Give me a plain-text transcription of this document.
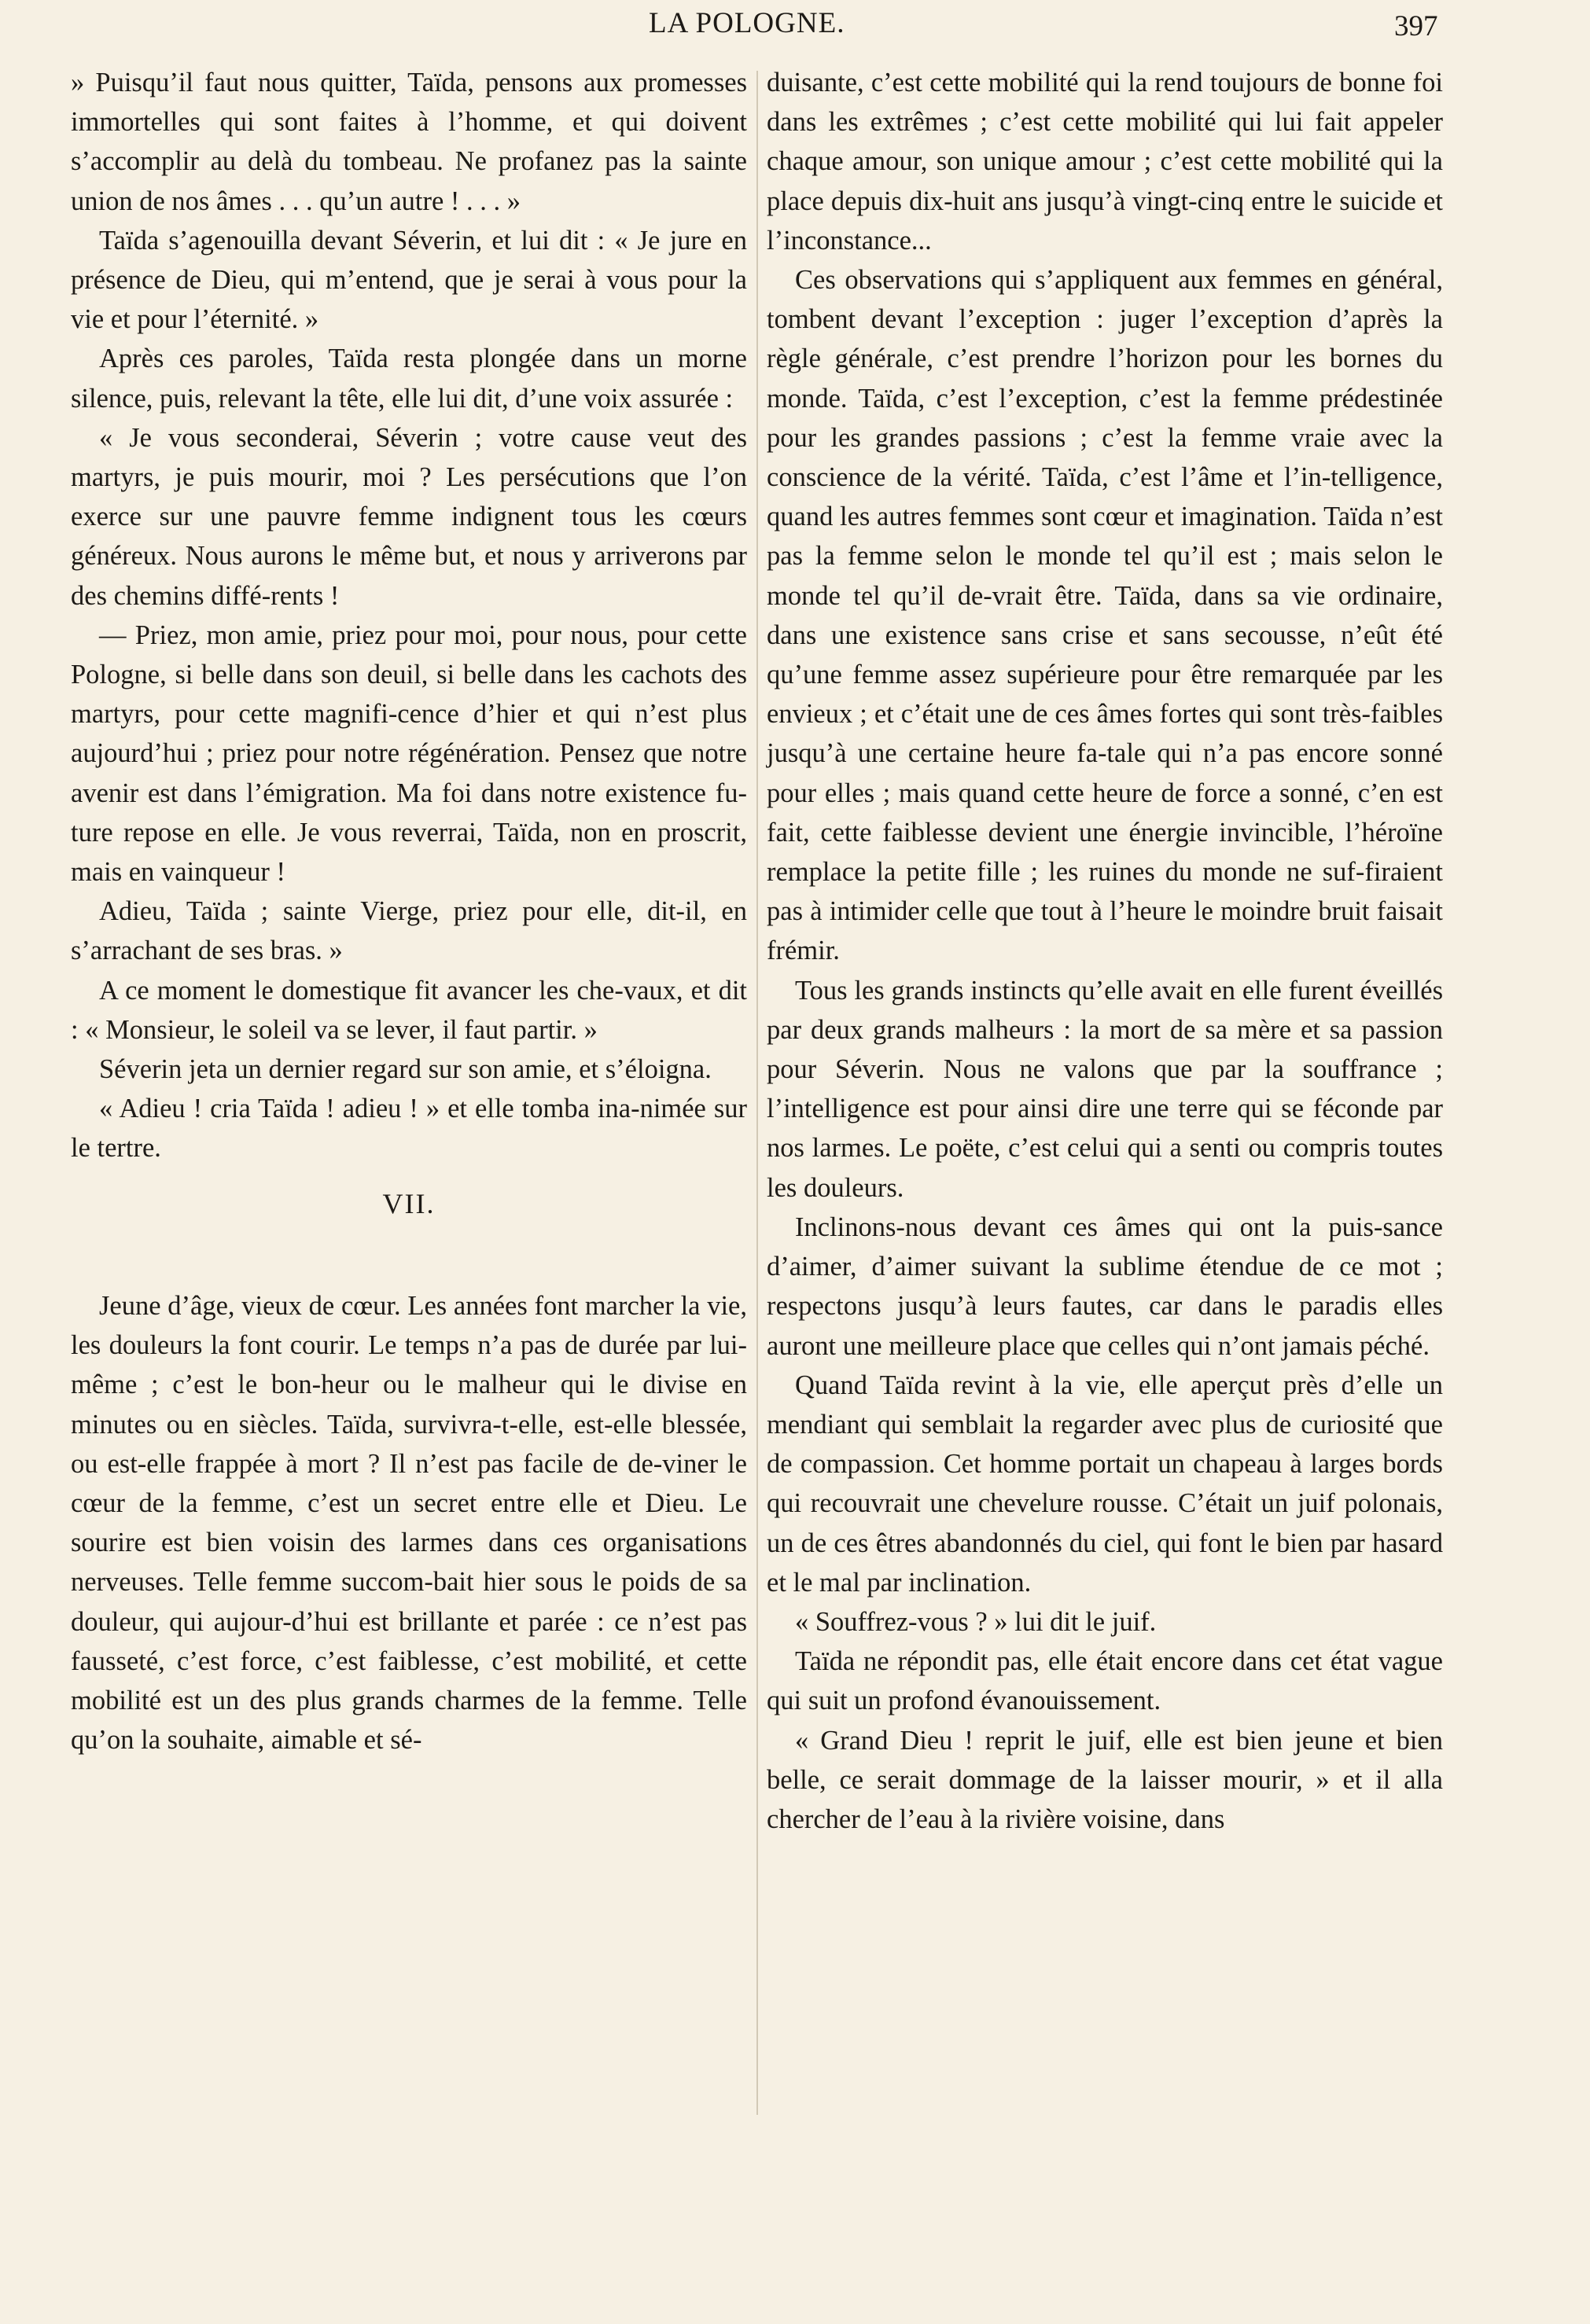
LA POLOGNE.	397

» Puisqu’il faut nous quitter, Taïda, pensons aux promesses immortelles qui sont faites à l’homme, et qui doivent s’accomplir au delà du tombeau. Ne profanez pas la sainte union de nos âmes . . . qu’un autre ! . . . »

Taïda s’agenouilla devant Séverin, et lui dit : « Je jure en présence de Dieu, qui m’entend, que je serai à vous pour la vie et pour l’éternité. »

Après ces paroles, Taïda resta plongée dans un morne silence, puis, relevant la tête, elle lui dit, d’une voix assurée :

« Je vous seconderai, Séverin ; votre cause veut des martyrs, je puis mourir, moi ? Les persécutions que l’on exerce sur une pauvre femme indignent tous les cœurs généreux. Nous aurons le même but, et nous y arriverons par des chemins diffé-rents !

— Priez, mon amie, priez pour moi, pour nous, pour cette Pologne, si belle dans son deuil, si belle dans les cachots des martyrs, pour cette magnifi-cence d’hier et qui n’est plus aujourd’hui ; priez pour notre régénération. Pensez que notre avenir est dans l’émigration. Ma foi dans notre existence fu-ture repose en elle. Je vous reverrai, Taïda, non en proscrit, mais en vainqueur !

Adieu, Taïda ; sainte Vierge, priez pour elle, dit-il, en s’arrachant de ses bras. »

A ce moment le domestique fit avancer les che-vaux, et dit : « Monsieur, le soleil va se lever, il faut partir. »

Séverin jeta un dernier regard sur son amie, et s’éloigna.

« Adieu ! cria Taïda ! adieu ! » et elle tomba ina-nimée sur le tertre.

VII.

Jeune d’âge, vieux de cœur. Les années font marcher la vie, les douleurs la font courir. Le temps n’a pas de durée par lui-même ; c’est le bon-heur ou le malheur qui le divise en minutes ou en siècles. Taïda, survivra-t-elle, est-elle blessée, ou est-elle frappée à mort ? Il n’est pas facile de de-viner le cœur de la femme, c’est un secret entre elle et Dieu. Le sourire est bien voisin des larmes dans ces organisations nerveuses. Telle femme succom-bait hier sous le poids de sa douleur, qui aujour-d’hui est brillante et parée : ce n’est pas fausseté, c’est force, c’est faiblesse, c’est mobilité, et cette mobilité est un des plus grands charmes de la femme. Telle qu’on la souhaite, aimable et sé-

duisante, c’est cette mobilité qui la rend toujours de bonne foi dans les extrêmes ; c’est cette mobilité qui lui fait appeler chaque amour, son unique amour ; c’est cette mobilité qui la place depuis dix-huit ans jusqu’à vingt-cinq entre le suicide et l’inconstance...

Ces observations qui s’appliquent aux femmes en général, tombent devant l’exception : juger l’exception d’après la règle générale, c’est prendre l’horizon pour les bornes du monde. Taïda, c’est l’exception, c’est la femme prédestinée pour les grandes passions ; c’est la femme vraie avec la conscience de la vérité. Taïda, c’est l’âme et l’in-telligence, quand les autres femmes sont cœur et imagination. Taïda n’est pas la femme selon le monde tel qu’il est ; mais selon le monde tel qu’il de-vrait être. Taïda, dans sa vie ordinaire, dans une existence sans crise et sans secousse, n’eût été qu’une femme assez supérieure pour être remarquée par les envieux ; et c’était une de ces âmes fortes qui sont très-faibles jusqu’à une certaine heure fa-tale qui n’a pas encore sonné pour elles ; mais quand cette heure de force a sonné, c’en est fait, cette faiblesse devient une énergie invincible, l’héroïne remplace la petite fille ; les ruines du monde ne suf-firaient pas à intimider celle que tout à l’heure le moindre bruit faisait frémir.

Tous les grands instincts qu’elle avait en elle furent éveillés par deux grands malheurs : la mort de sa mère et sa passion pour Séverin. Nous ne valons que par la souffrance ; l’intelligence est pour ainsi dire une terre qui se féconde par nos larmes. Le poëte, c’est celui qui a senti ou compris toutes les douleurs.

Inclinons-nous devant ces âmes qui ont la puis-sance d’aimer, d’aimer suivant la sublime étendue de ce mot ; respectons jusqu’à leurs fautes, car dans le paradis elles auront une meilleure place que celles qui n’ont jamais péché.

Quand Taïda revint à la vie, elle aperçut près d’elle un mendiant qui semblait la regarder avec plus de curiosité que de compassion. Cet homme portait un chapeau à larges bords qui recouvrait une chevelure rousse. C’était un juif polonais, un de ces êtres abandonnés du ciel, qui font le bien par hasard et le mal par inclination.

« Souffrez-vous ? » lui dit le juif.

Taïda ne répondit pas, elle était encore dans cet état vague qui suit un profond évanouissement.

« Grand Dieu ! reprit le juif, elle est bien jeune et bien belle, ce serait dommage de la laisser mourir, » et il alla chercher de l’eau à la rivière voisine, dans
